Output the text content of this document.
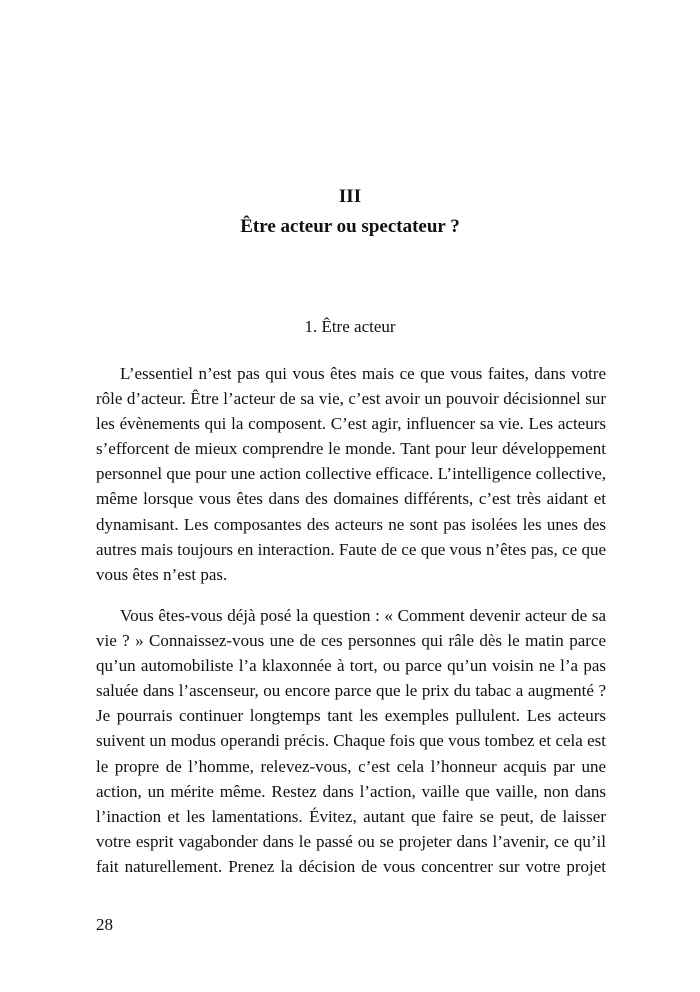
III
Être acteur ou spectateur ?
1. Être acteur

L’essentiel n’est pas qui vous êtes mais ce que vous faites, dans votre rôle d’acteur. Être l’acteur de sa vie, c’est avoir un pouvoir décisionnel sur les évènements qui la composent. C’est agir, influencer sa vie. Les acteurs s’efforcent de mieux comprendre le monde. Tant pour leur développement personnel que pour une action collective efficace. L’intelligence collective, même lorsque vous êtes dans des domaines différents, c’est très aidant et dynamisant. Les composantes des acteurs ne sont pas isolées les unes des autres mais toujours en interaction. Faute de ce que vous n’êtes pas, ce que vous êtes n’est pas.

Vous êtes-vous déjà posé la question : « Comment devenir acteur de sa vie ? » Connaissez-vous une de ces personnes qui râle dès le matin parce qu’un automobiliste l’a klaxonnée à tort, ou parce qu’un voisin ne l’a pas saluée dans l’ascenseur, ou encore parce que le prix du tabac a augmenté ? Je pourrais continuer longtemps tant les exemples pullulent. Les acteurs suivent un modus operandi précis. Chaque fois que vous tombez et cela est le propre de l’homme, relevez-vous, c’est cela l’honneur acquis par une action, un mérite même. Restez dans l’action, vaille que vaille, non dans l’inaction et les lamentations. Évitez, autant que faire se peut, de laisser votre esprit vagabonder dans le passé ou se projeter dans l’avenir, ce qu’il fait naturellement. Prenez la décision de vous concentrer sur votre projet

28
